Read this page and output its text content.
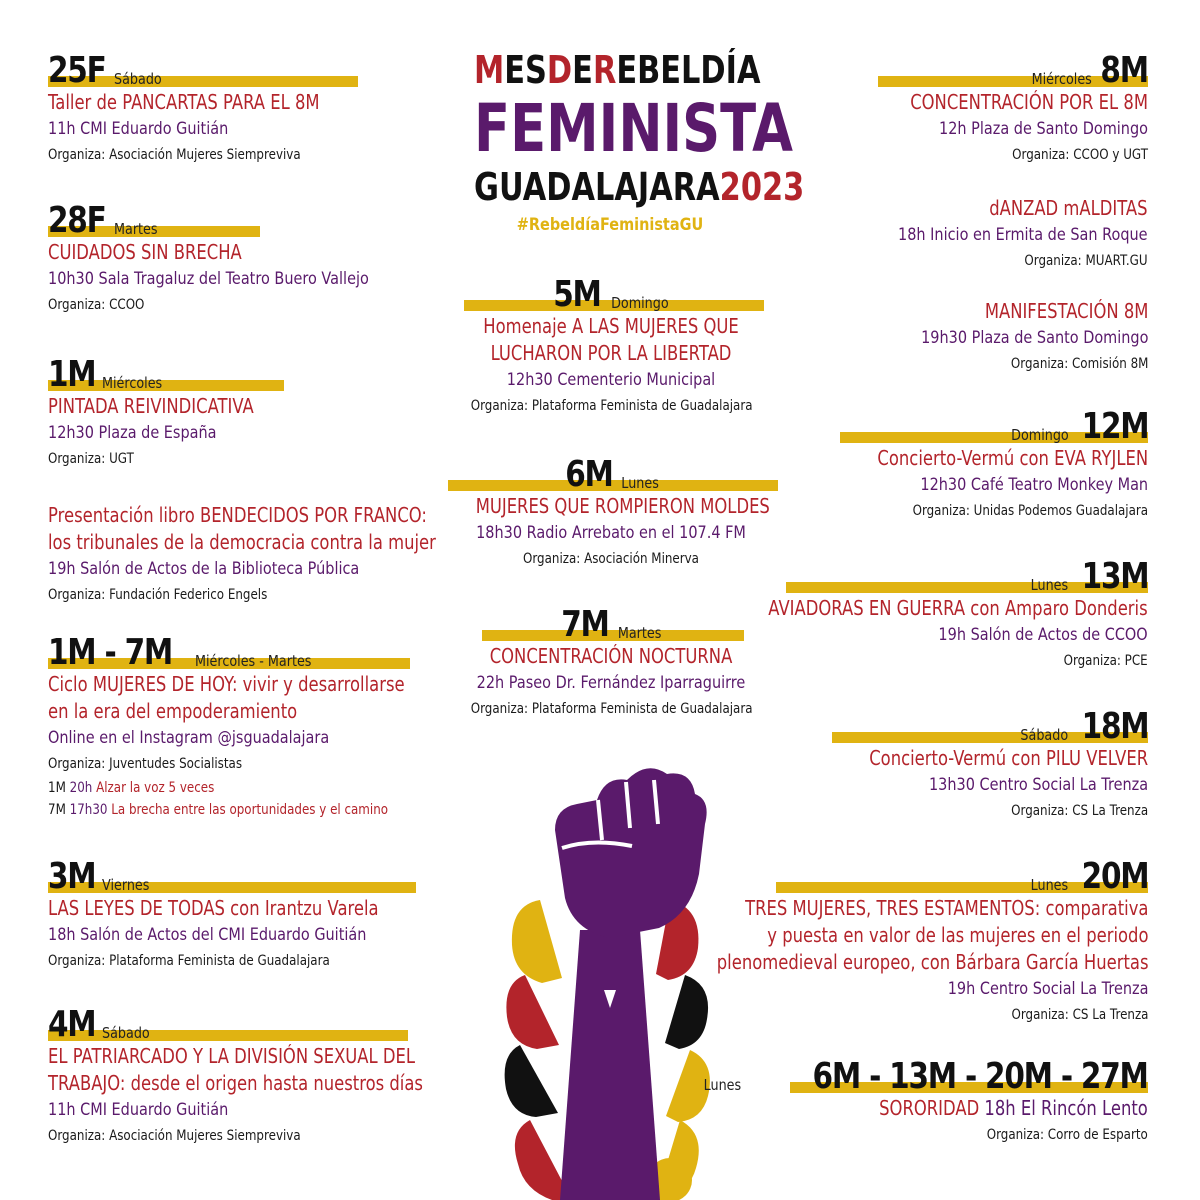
MESDEREBELDÍA
FEMINISTA
GUADALAJARA2023
#RebeldíaFeministaGU
25F Sábado
Taller de PANCARTAS PARA EL 8M
11h CMI Eduardo Guitián
Organiza: Asociación Mujeres Siempreviva
28F Martes
CUIDADOS SIN BRECHA
10h30 Sala Tragaluz del Teatro Buero Vallejo
Organiza: CCOO
1M Miércoles
PINTADA REIVINDICATIVA
12h30 Plaza de España
Organiza: UGT
Presentación libro BENDECIDOS POR FRANCO:
los tribunales de la democracia contra la mujer
19h Salón de Actos de la Biblioteca Pública
Organiza: Fundación Federico Engels
1M - 7M Miércoles - Martes
Ciclo MUJERES DE HOY: vivir y desarrollarse
en la era del empoderamiento
Online en el Instagram @jsguadalajara
Organiza: Juventudes Socialistas
1M 20h Alzar la voz 5 veces
7M 17h30 La brecha entre las oportunidades y el camino
3M Viernes
LAS LEYES DE TODAS con Irantzu Varela
18h Salón de Actos del CMI Eduardo Guitián
Organiza: Plataforma Feminista de Guadalajara
4M Sábado
EL PATRIARCADO Y LA DIVISIÓN SEXUAL DEL
TRABAJO: desde el origen hasta nuestros días
11h CMI Eduardo Guitián
Organiza: Asociación Mujeres Siempreviva
5M Domingo
Homenaje A LAS MUJERES QUE
LUCHARON POR LA LIBERTAD
12h30 Cementerio Municipal
Organiza: Plataforma Feminista de Guadalajara
6M Lunes
MUJERES QUE ROMPIERON MOLDES
18h30 Radio Arrebato en el 107.4 FM
Organiza: Asociación Minerva
7M Martes
CONCENTRACIÓN NOCTURNA
22h Paseo Dr. Fernández Iparraguirre
Organiza: Plataforma Feminista de Guadalajara
Miércoles 8M
CONCENTRACIÓN POR EL 8M
12h Plaza de Santo Domingo
Organiza: CCOO y UGT
dANZAD mALDITAS
18h Inicio en Ermita de San Roque
Organiza: MUART.GU
MANIFESTACIÓN 8M
19h30 Plaza de Santo Domingo
Organiza: Comisión 8M
Domingo 12M
Concierto-Vermú con EVA RYJLEN
12h30 Café Teatro Monkey Man
Organiza: Unidas Podemos Guadalajara
Lunes 13M
AVIADORAS EN GUERRA con Amparo Donderis
19h Salón de Actos de CCOO
Organiza: PCE
Sábado 18M
Concierto-Vermú con PILU VELVER
13h30 Centro Social La Trenza
Organiza: CS La Trenza
Lunes 20M
TRES MUJERES, TRES ESTAMENTOS: comparativa
y puesta en valor de las mujeres en el periodo
plenomedieval europeo, con Bárbara García Huertas
19h Centro Social La Trenza
Organiza: CS La Trenza
Lunes 6M - 13M - 20M - 27M
SORORIDAD 18h El Rincón Lento
Organiza: Corro de Esparto
